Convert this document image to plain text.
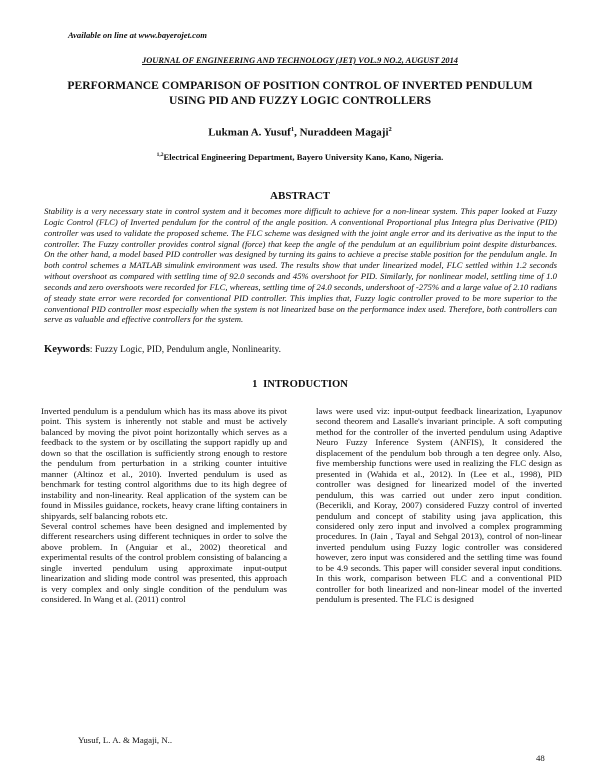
Available on line at www.bayerojet.com
JOURNAL OF ENGINEERING AND TECHNOLOGY (JET) VOL.9 NO.2, AUGUST 2014
PERFORMANCE COMPARISON OF POSITION CONTROL OF INVERTED PENDULUM USING PID AND FUZZY LOGIC CONTROLLERS
Lukman A. Yusuf$^1$, Nuraddeen Magaji$^2$
$^{1,2}$Electrical Engineering Department, Bayero University Kano, Kano, Nigeria.
ABSTRACT
Stability is a very necessary state in control system and it becomes more difficult to achieve for a non-linear system. This paper looked at Fuzzy Logic Control (FLC) of Inverted pendulum for the control of the angle position. A conventional Proportional plus Integra plus Derivative (PID) controller was used to validate the proposed scheme. The FLC scheme was designed with the joint angle error and its derivative as the input to the controller. The Fuzzy controller provides control signal (force) that keep the angle of the pendulum at an equilibrium point despite disturbances. On the other hand, a model based PID controller was designed by turning its gains to achieve a precise stable position for the pendulum angle. In both control schemes a MATLAB simulink environment was used. The results show that under linearized model, FLC settled within 1.2 seconds without overshoot as compared with settling time of 92.0 seconds and 45% overshoot for PID. Similarly, for nonlinear model, settling time of 1.0 seconds and zero overshoots were recorded for FLC, whereas, settling time of 24.0 seconds, undershoot of -275% and a large value of 2.10 radians of steady state error were recorded for conventional PID controller. This implies that, Fuzzy logic controller proved to be more superior to the conventional PID controller most especially when the system is not linearized base on the performance index used. Therefore, both controllers can serve as valuable and effective controllers for the system.
Keywords: Fuzzy Logic, PID, Pendulum angle, Nonlinearity.
1 INTRODUCTION

Inverted pendulum is a pendulum which has its mass above its pivot point. This system is inherently not stable and must be actively balanced by moving the pivot point horizontally which serves as a feedback to the system or by oscillating the support rapidly up and down so that the oscillation is sufficiently strong enough to restore the pendulum from perturbation in a striking counter intuitive manner (Altinoz et al., 2010). Inverted pendulum is used as benchmark for testing control algorithms due to its high degree of instability and non-linearity. Real application of the system can be found in Missiles guidance, rockets, heavy crane lifting containers in shipyards, self balancing robots etc.

Several control schemes have been designed and implemented by different researchers using different techniques in order to solve the above problem. In (Anguiar et al., 2002) theoretical and experimental results of the control problem consisting of balancing a single inverted pendulum using approximate input-output linearization and sliding mode control was presented, this approach is very complex and only single condition of the pendulum was considered. In Wang et al. (2011) control

laws were used viz: input-output feedback linearization, Lyapunov second theorem and Lasalle's invariant principle. A soft computing method for the controller of the inverted pendulum using Adaptive Neuro Fuzzy Inference System (ANFIS), It considered the displacement of the pendulum bob through a ten degree only. Also, five membership functions were used in realizing the FLC design as presented in (Wahida et al., 2012). In (Lee et al., 1998), PID controller was designed for linearized model of the inverted pendulum, this was carried out under zero input condition. (Becerikli, and Koray, 2007) considered Fuzzy control of inverted pendulum and concept of stability using java application, this considered only zero input and involved a complex programming procedures. In (Jain , Tayal and Sehgal 2013), control of non-linear inverted pendulum using Fuzzy logic controller was considered however, zero input was considered and the settling time was found to be 4.9 seconds. This paper will consider several input conditions. In this work, comparison between FLC and a conventional PID controller for both linearized and non-linear model of the inverted pendulum is presented. The FLC is designed

Yusuf, L. A. & Magaji, N..
48
